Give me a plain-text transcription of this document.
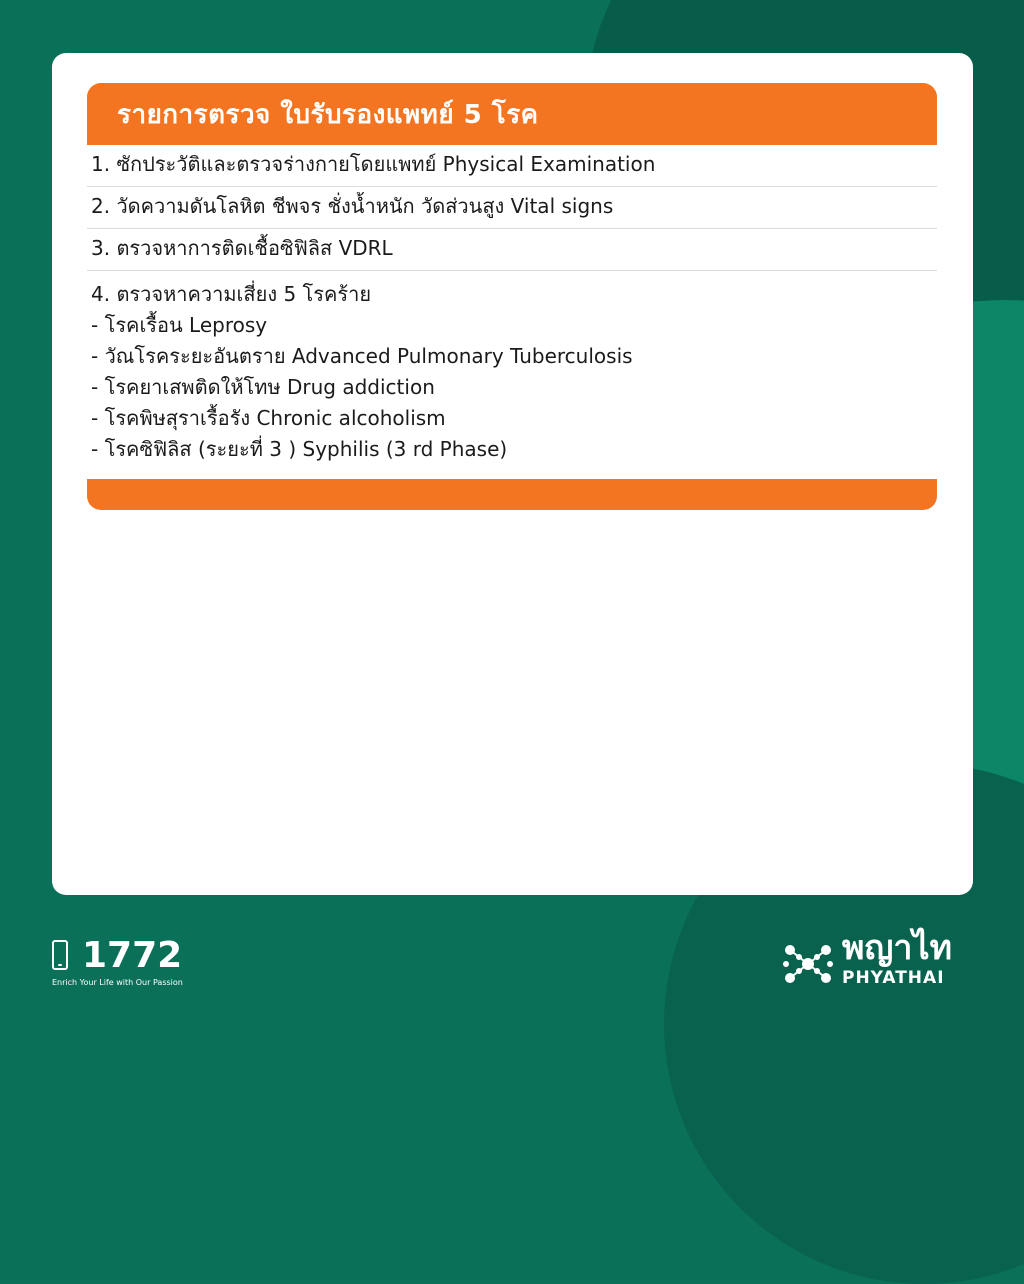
รายการตรวจ ใบรับรองแพทย์ 5 โรค
1. ซักประวัติและตรวจร่างกายโดยแพทย์ Physical Examination
2. วัดความดันโลหิต ชีพจร ชั่งน้ำหนัก วัดส่วนสูง Vital signs
3. ตรวจหาการติดเชื้อซิฟิลิส VDRL
4. ตรวจหาความเสี่ยง 5 โรคร้าย
- โรคเรื้อน Leprosy
- วัณโรคระยะอันตราย Advanced Pulmonary Tuberculosis
- โรคยาเสพติดให้โทษ Drug addiction
- โรคพิษสุราเรื้อรัง Chronic alcoholism
- โรคซิฟิลิส (ระยะที่ 3 ) Syphilis (3 rd Phase)
1772
Enrich Your Life with Our Passion
พญาไท
PHYATHAI
